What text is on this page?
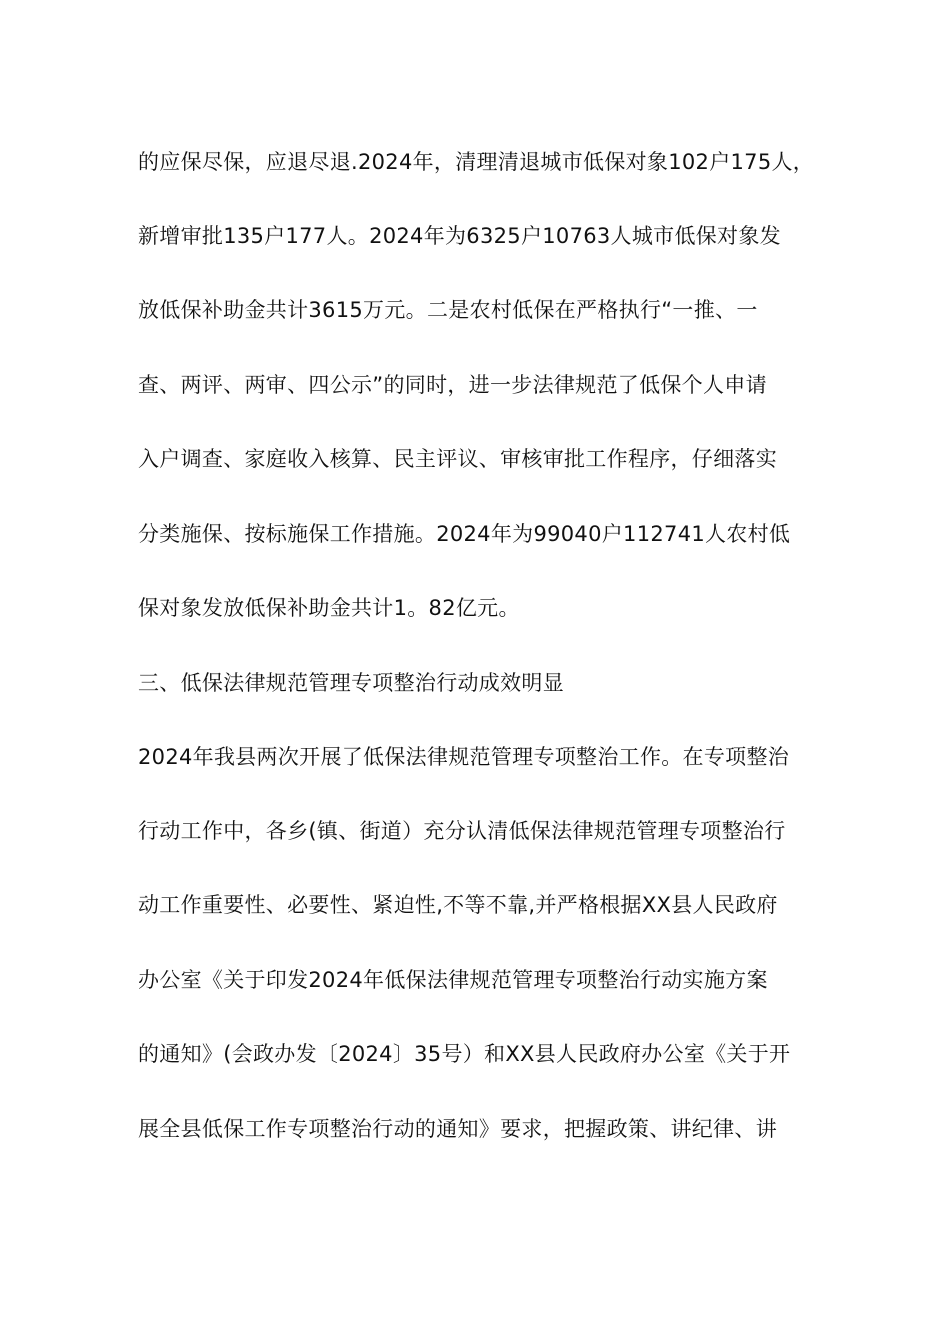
的应保尽保，应退尽退.2024年，清理清退城市低保对象102户175人，
新增审批135户177人。2024年为6325户10763人城市低保对象发
放低保补助金共计3615万元。二是农村低保在严格执行“一推、一
查、两评、两审、四公示”的同时，进一步法律规范了低保个人申请
入户调查、家庭收入核算、民主评议、审核审批工作程序，仔细落实
分类施保、按标施保工作措施。2024年为99040户112741人农村低
保对象发放低保补助金共计1。82亿元。
三、低保法律规范管理专项整治行动成效明显
2024年我县两次开展了低保法律规范管理专项整治工作。在专项整治
行动工作中，各乡(镇、街道）充分认清低保法律规范管理专项整治行
动工作重要性、必要性、紧迫性,不等不靠,并严格根据XX县人民政府
办公室《关于印发2024年低保法律规范管理专项整治行动实施方案
的通知》(会政办发〔2024〕35号）和XX县人民政府办公室《关于开
展全县低保工作专项整治行动的通知》要求，把握政策、讲纪律、讲
